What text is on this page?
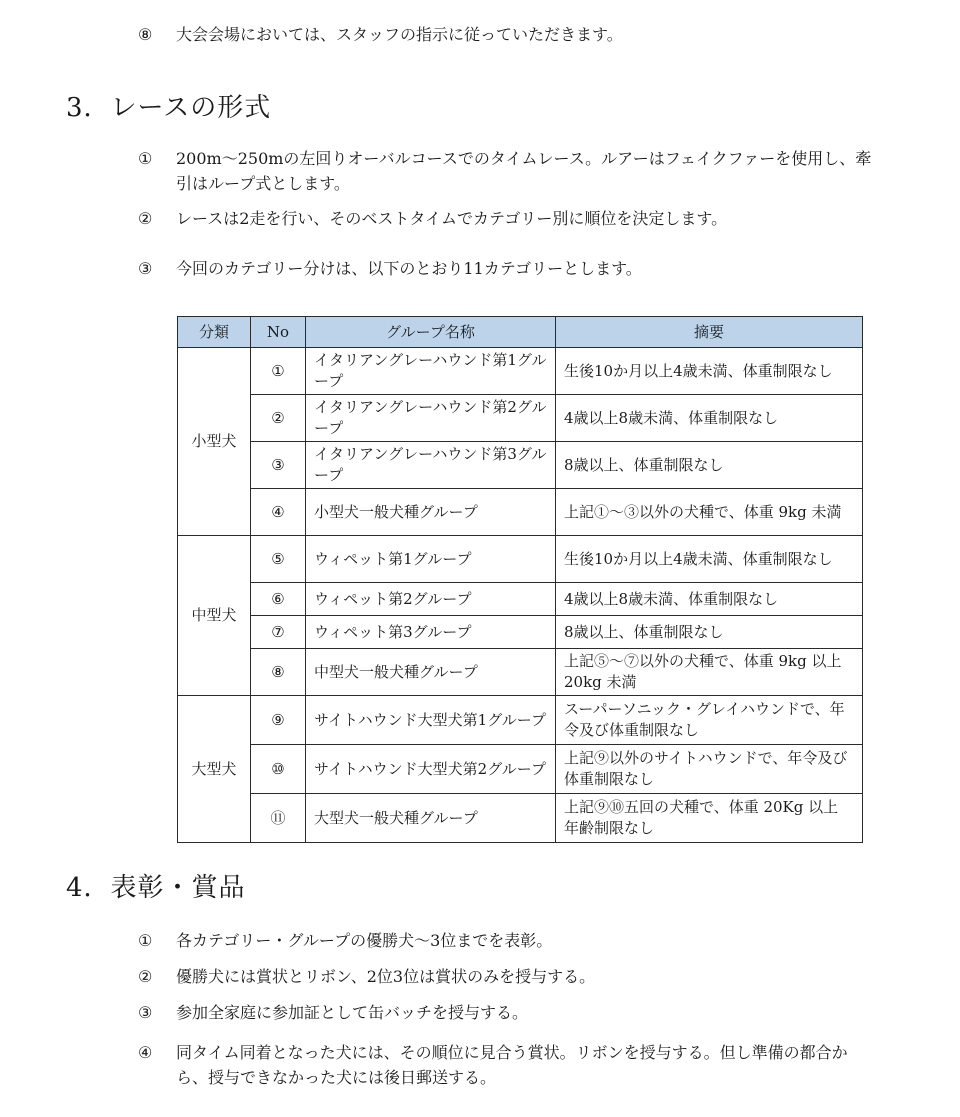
⑧	大会会場においては、スタッフの指示に従っていただきます。
3．レースの形式
①	200m～250mの左回りオーバルコースでのタイムレース。ルアーはフェイクファーを使用し、牽引はループ式とします。
②	レースは2走を行い、そのベストタイムでカテゴリー別に順位を決定します。
③	今回のカテゴリー分けは、以下のとおり11カテゴリーとします。
分類	No	グループ名称	摘要
小型犬	①	イタリアングレーハウンド第1グループ	生後10か月以上4歳未満、体重制限なし
	②	イタリアングレーハウンド第2グループ	4歳以上8歳未満、体重制限なし
	③	イタリアングレーハウンド第3グループ	8歳以上、体重制限なし
	④	小型犬一般犬種グループ	上記①～③以外の犬種で、体重 9kg 未満
中型犬	⑤	ウィペット第1グループ	生後10か月以上4歳未満、体重制限なし
	⑥	ウィペット第2グループ	4歳以上8歳未満、体重制限なし
	⑦	ウィペット第3グループ	8歳以上、体重制限なし
	⑧	中型犬一般犬種グループ	上記⑤～⑦以外の犬種で、体重 9kg 以上 20kg 未満
大型犬	⑨	サイトハウンド大型犬第1グループ	スーパーソニック・グレイハウンドで、年令及び体重制限なし
	⑩	サイトハウンド大型犬第2グループ	上記⑨以外のサイトハウンドで、年令及び体重制限なし
	⑪	大型犬一般犬種グループ	上記⑨⑩五回の犬種で、体重 20Kg 以上　年齢制限なし
4．表彰・賞品
①	各カテゴリー・グループの優勝犬～3位までを表彰。
②	優勝犬には賞状とリボン、2位3位は賞状のみを授与する。
③	参加全家庭に参加証として缶バッチを授与する。
④	同タイム同着となった犬には、その順位に見合う賞状。リボンを授与する。但し準備の都合から、授与できなかった犬には後日郵送する。
